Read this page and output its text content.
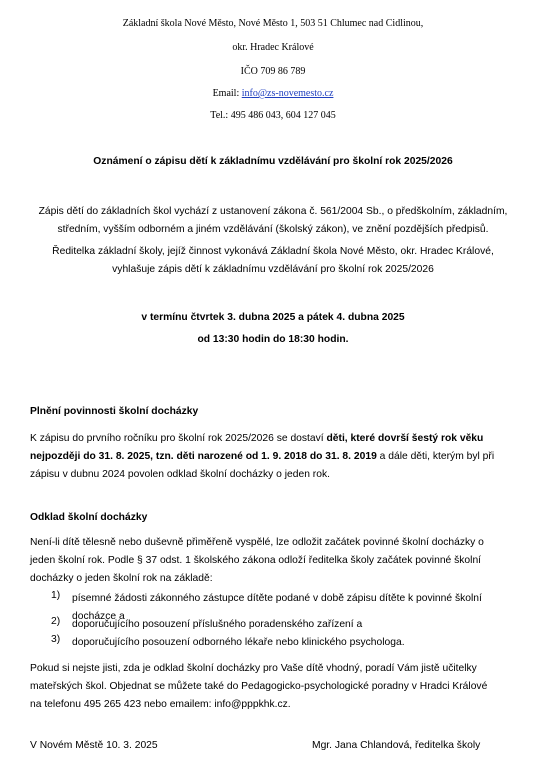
Základní škola Nové Město, Nové Město 1, 503 51 Chlumec nad Cidlinou,
okr. Hradec Králové
IČO 709 86 789
Email: info@zs-novemesto.cz
Tel.: 495 486 043, 604 127 045
Oznámení o zápisu dětí k základnímu vzdělávání pro školní rok 2025/2026
Zápis dětí do základních škol vychází z ustanovení zákona č. 561/2004 Sb., o předškolním, základním,
středním, vyšším odborném a jiném vzdělávání (školský zákon), ve znění pozdějších předpisů.
Ředitelka základní školy, jejíž činnost vykonává Základní škola Nové Město, okr. Hradec Králové,
vyhlašuje zápis dětí k základnímu vzdělávání pro školní rok 2025/2026
v termínu čtvrtek 3. dubna 2025 a pátek 4. dubna 2025
od 13:30 hodin do 18:30 hodin.
Plnění povinnosti školní docházky
K zápisu do prvního ročníku pro školní rok 2025/2026 se dostaví děti, které dovrší šestý rok věku
nejpozději do 31. 8. 2025, tzn. děti narozené od 1. 9. 2018 do 31. 8. 2019 a dále děti, kterým byl při
zápisu v dubnu 2024 povolen odklad školní docházky o jeden rok.
Odklad školní docházky
Není-li dítě tělesně nebo duševně přiměřeně vyspělé, lze odložit začátek povinné školní docházky o
jeden školní rok. Podle § 37 odst. 1 školského zákona odloží ředitelka školy začátek povinné školní
docházky o jeden školní rok na základě:
1) písemné žádosti zákonného zástupce dítěte podané v době zápisu dítěte k povinné školní
docházce a
2) doporučujícího posouzení příslušného poradenského zařízení a
3) doporučujícího posouzení odborného lékaře nebo klinického psychologa.
Pokud si nejste jisti, zda je odklad školní docházky pro Vaše dítě vhodný, poradí Vám jistě učitelky
mateřských škol. Objednat se můžete také do Pedagogicko-psychologické poradny v Hradci Králové
na telefonu 495 265 423 nebo emailem: info@pppkhk.cz.
V Novém Městě 10. 3. 2025	Mgr. Jana Chlandová, ředitelka školy
